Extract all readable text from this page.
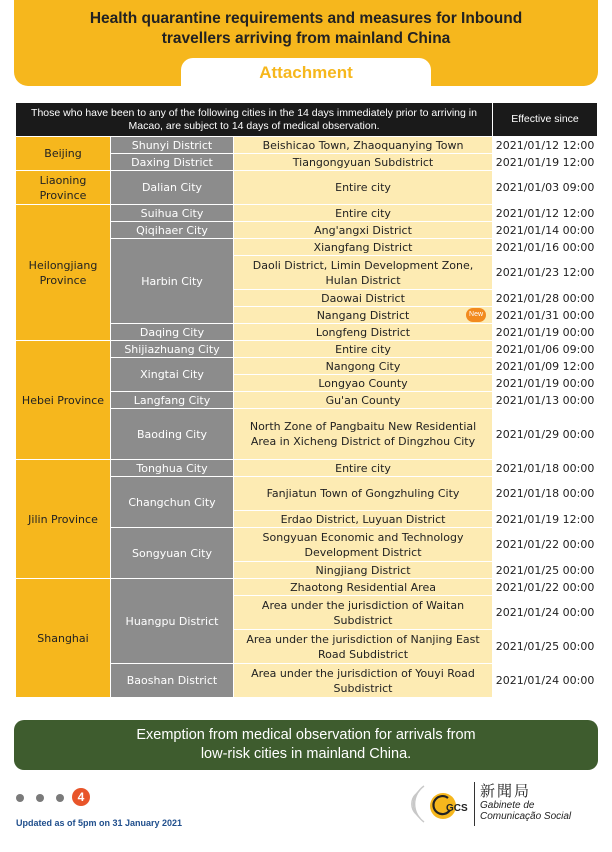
Health quarantine requirements and measures for Inbound
travellers arriving from mainland China
Attachment
Those who have been to any of the following cities in the 14 days immediately prior to arriving in Macao, are subject to 14 days of medical observation.			Effective since
Beijing	Shunyi District	Beishicao Town, Zhaoquanying Town	2021/01/12 12:00
	Daxing District	Tiangongyuan Subdistrict	2021/01/19 12:00
Liaoning Province	Dalian City	Entire city	2021/01/03 09:00
Heilongjiang Province	Suihua City	Entire city	2021/01/12 12:00
	Qiqihaer City	Ang'angxi District	2021/01/14 00:00
	Harbin City	Xiangfang District	2021/01/16 00:00
		Daoli District, Limin Development Zone, Hulan District	2021/01/23 12:00
		Daowai District	2021/01/28 00:00
		Nangang District New	2021/01/31 00:00
	Daqing City	Longfeng District	2021/01/19 00:00
Hebei Province	Shijiazhuang City	Entire city	2021/01/06 09:00
	Xingtai City	Nangong City	2021/01/09 12:00
		Longyao County	2021/01/19 00:00
	Langfang City	Gu'an County	2021/01/13 00:00
	Baoding City	North Zone of Pangbaitu New Residential Area in Xicheng District of Dingzhou City	2021/01/29 00:00
Jilin Province	Tonghua City	Entire city	2021/01/18 00:00
	Changchun City	Fanjiatun Town of Gongzhuling City	2021/01/18 00:00
		Erdao District, Luyuan District	2021/01/19 12:00
	Songyuan City	Songyuan Economic and Technology Development District	2021/01/22 00:00
		Ningjiang District	2021/01/25 00:00
Shanghai	Huangpu District	Zhaotong Residential Area	2021/01/22 00:00
		Area under the jurisdiction of Waitan Subdistrict	2021/01/24 00:00
		Area under the jurisdiction of Nanjing East Road Subdistrict	2021/01/25 00:00
	Baoshan District	Area under the jurisdiction of Youyi Road Subdistrict	2021/01/24 00:00
Exemption from medical observation for arrivals from
low-risk cities in mainland China.
4
Updated as of 5pm on 31 January 2021
GCS
新聞局
Gabinete de
Comunicação Social
